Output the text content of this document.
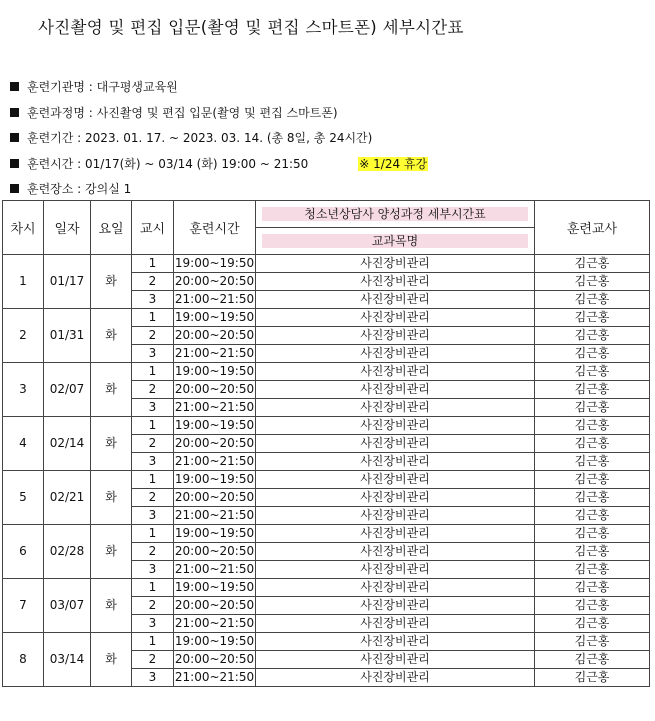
사진촬영 및 편집 입문(촬영 및 편집 스마트폰) 세부시간표
훈련기관명 : 대구평생교육원
훈련과정명 : 사진촬영 및 편집 입문(촬영 및 편집 스마트폰)
훈련기간 : 2023. 01. 17. ~ 2023. 03. 14. (총 8일, 총 24시간)
훈련시간 : 01/17(화) ~ 03/14 (화) 19:00 ~ 21:50	※ 1/24 휴강
훈련장소 : 강의실 1
차시	일자	요일	교시	훈련시간	청소년상담사 양성과정 세부시간표	훈련교사

					교과목명	

1	01/17	화	1	19:00~19:50	사진장비관리	김근홍
			2	20:00~20:50	사진장비관리	김근홍
			3	21:00~21:50	사진장비관리	김근홍
2	01/31	화	1	19:00~19:50	사진장비관리	김근홍
			2	20:00~20:50	사진장비관리	김근홍
			3	21:00~21:50	사진장비관리	김근홍
3	02/07	화	1	19:00~19:50	사진장비관리	김근홍
			2	20:00~20:50	사진장비관리	김근홍
			3	21:00~21:50	사진장비관리	김근홍
4	02/14	화	1	19:00~19:50	사진장비관리	김근홍
			2	20:00~20:50	사진장비관리	김근홍
			3	21:00~21:50	사진장비관리	김근홍
5	02/21	화	1	19:00~19:50	사진장비관리	김근홍
			2	20:00~20:50	사진장비관리	김근홍
			3	21:00~21:50	사진장비관리	김근홍
6	02/28	화	1	19:00~19:50	사진장비관리	김근홍
			2	20:00~20:50	사진장비관리	김근홍
			3	21:00~21:50	사진장비관리	김근홍
7	03/07	화	1	19:00~19:50	사진장비관리	김근홍
			2	20:00~20:50	사진장비관리	김근홍
			3	21:00~21:50	사진장비관리	김근홍
8	03/14	화	1	19:00~19:50	사진장비관리	김근홍
			2	20:00~20:50	사진장비관리	김근홍
			3	21:00~21:50	사진장비관리	김근홍
